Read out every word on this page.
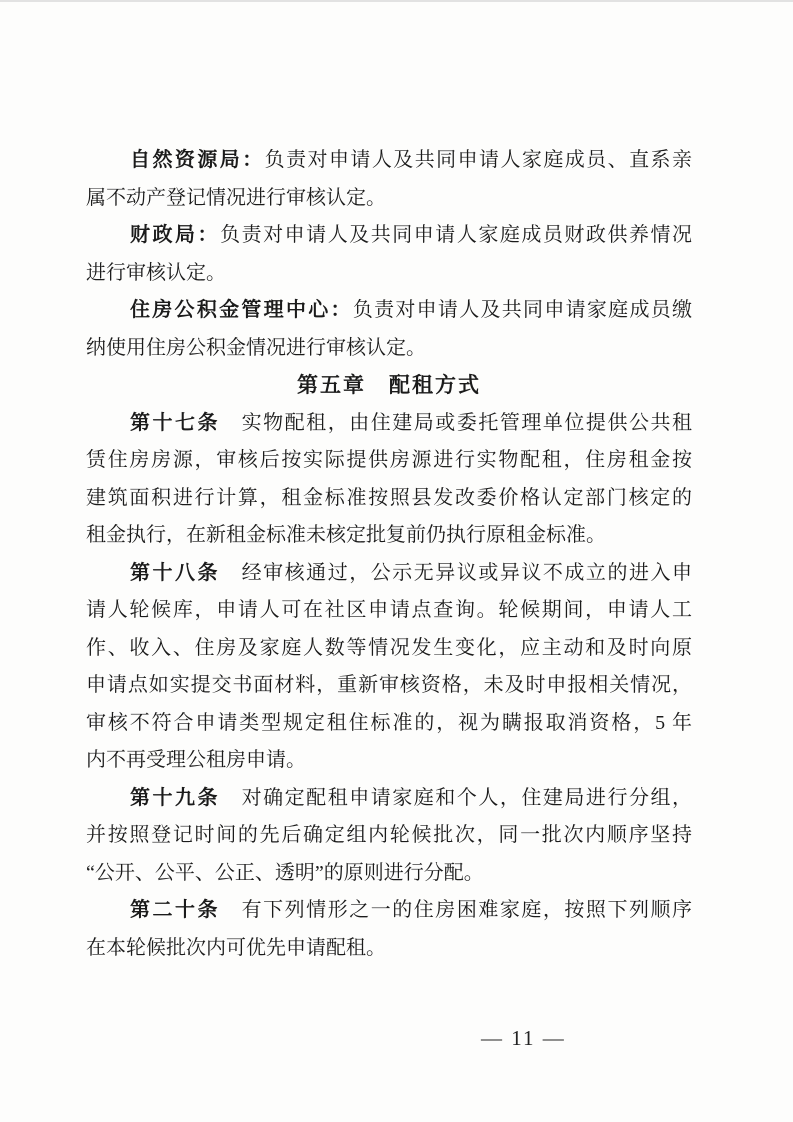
自然资源局：负责对申请人及共同申请人家庭成员、直系亲
属不动产登记情况进行审核认定。
财政局：负责对申请人及共同申请人家庭成员财政供养情况
进行审核认定。
住房公积金管理中心：负责对申请人及共同申请家庭成员缴
纳使用住房公积金情况进行审核认定。
第五章　配租方式
第十七条　实物配租，由住建局或委托管理单位提供公共租
赁住房房源，审核后按实际提供房源进行实物配租，住房租金按
建筑面积进行计算，租金标准按照县发改委价格认定部门核定的
租金执行，在新租金标准未核定批复前仍执行原租金标准。
第十八条　经审核通过，公示无异议或异议不成立的进入申
请人轮候库，申请人可在社区申请点查询。轮候期间，申请人工
作、收入、住房及家庭人数等情况发生变化，应主动和及时向原
申请点如实提交书面材料，重新审核资格，未及时申报相关情况，
审核不符合申请类型规定租住标准的，视为瞒报取消资格，5 年
内不再受理公租房申请。
第十九条　对确定配租申请家庭和个人，住建局进行分组，
并按照登记时间的先后确定组内轮候批次，同一批次内顺序坚持
“公开、公平、公正、透明”的原则进行分配。
第二十条　有下列情形之一的住房困难家庭，按照下列顺序
在本轮候批次内可优先申请配租。
— 11 —
